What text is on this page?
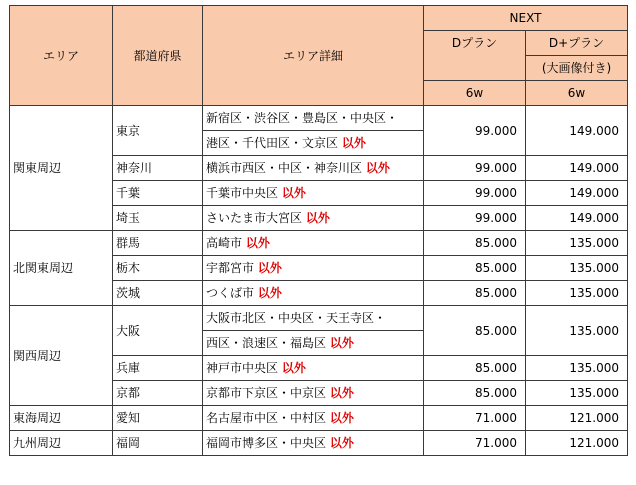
エリア	都道府県	エリア詳細	NEXT	
			Dプラン	D+プラン
				(大画像付き)
			6w	6w
関東周辺	東京	新宿区・渋谷区・豊島区・中央区・	99.000	149.000
		港区・千代田区・文京区 以外		
	神奈川	横浜市西区・中区・神奈川区 以外	99.000	149.000
	千葉	千葉市中央区 以外	99.000	149.000
	埼玉	さいたま市大宮区 以外	99.000	149.000
北関東周辺	群馬	高崎市 以外	85.000	135.000
	栃木	宇都宮市 以外	85.000	135.000
	茨城	つくば市 以外	85.000	135.000
関西周辺	大阪	大阪市北区・中央区・天王寺区・	85.000	135.000
		西区・浪速区・福島区 以外		
	兵庫	神戸市中央区 以外	85.000	135.000
	京都	京都市下京区・中京区 以外	85.000	135.000
東海周辺	愛知	名古屋市中区・中村区 以外	71.000	121.000
九州周辺	福岡	福岡市博多区・中央区 以外	71.000	121.000
